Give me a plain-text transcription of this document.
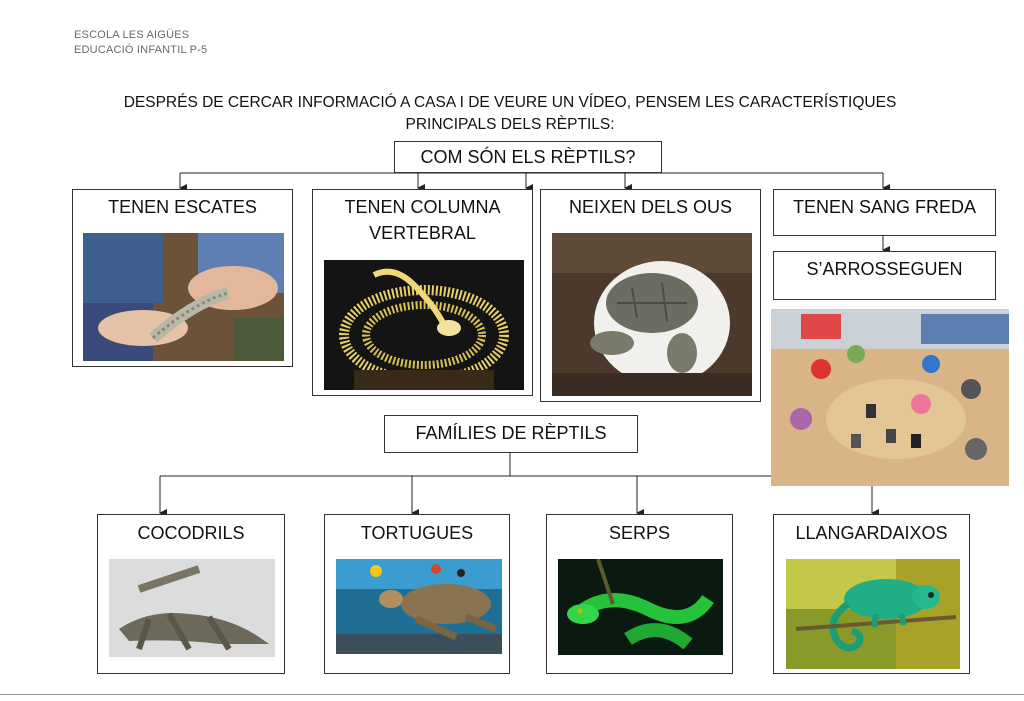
ESCOLA LES AIGÜES
EDUCACIÓ INFANTIL P-5
DESPRÉS DE CERCAR INFORMACIÓ A CASA I DE VEURE UN VÍDEO, PENSEM LES CARACTERÍSTIQUES
PRINCIPALS DELS RÈPTILS:
COM SÓN ELS RÈPTILS?
TENEN ESCATES	TENEN COLUMNA
VERTEBRAL
NEIXEN DELS OUS	TENEN SANG FREDA
S’ARROSSEGUEN
FAMÍLIES DE RÈPTILS
COCODRILS	TORTUGUES	SERPS	LLANGARDAIXOS
